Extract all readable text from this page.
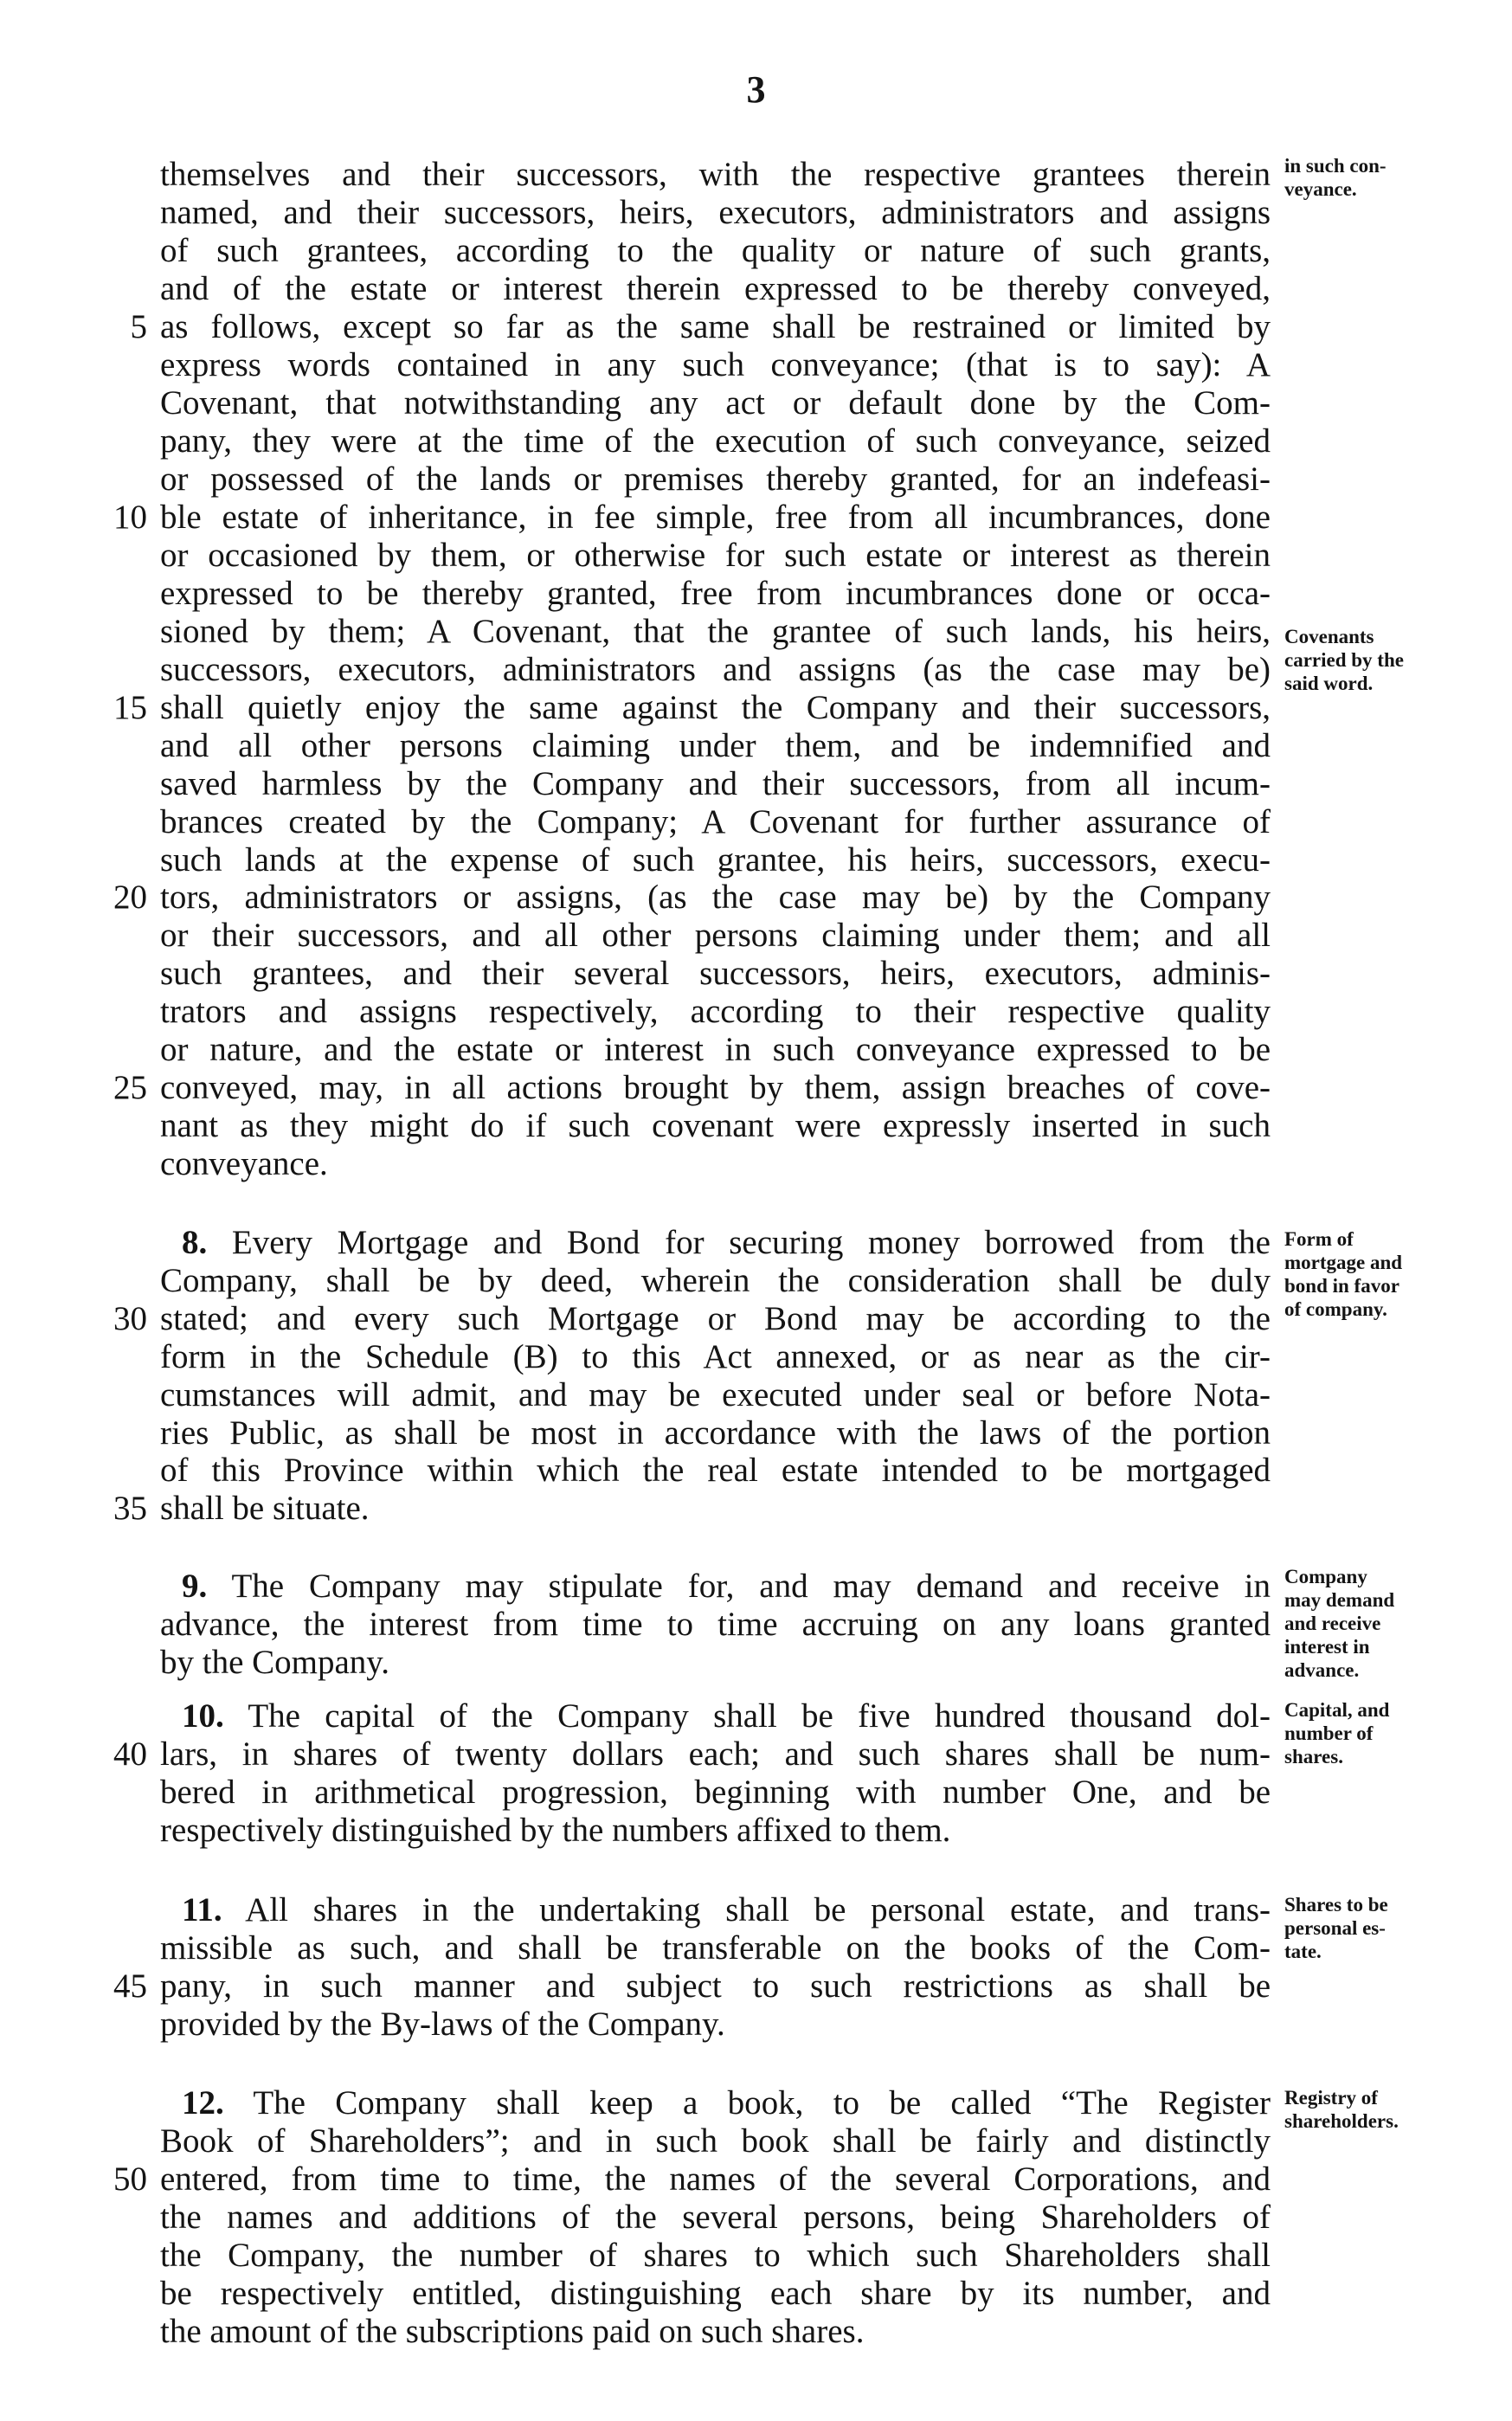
3
5
10
15
20
25
30
35
40
45
50
themselves and their successors, with the respective grantees therein
named, and their successors, heirs, executors, administrators and assigns
of such grantees, according to the quality or nature of such grants,
and of the estate or interest therein expressed to be thereby conveyed,
as follows, except so far as the same shall be restrained or limited by
express words contained in any such conveyance; (that is to say): A
Covenant, that notwithstanding any act or default done by the Com-
pany, they were at the time of the execution of such conveyance, seized
or possessed of the lands or premises thereby granted, for an indefeasi-
ble estate of inheritance, in fee simple, free from all incumbrances, done
or occasioned by them, or otherwise for such estate or interest as therein
expressed to be thereby granted, free from incumbrances done or occa-
sioned by them; A Covenant, that the grantee of such lands, his heirs,
successors, executors, administrators and assigns (as the case may be)
shall quietly enjoy the same against the Company and their successors,
and all other persons claiming under them, and be indemnified and
saved harmless by the Company and their successors, from all incum-
brances created by the Company; A Covenant for further assurance of
such lands at the expense of such grantee, his heirs, successors, execu-
tors, administrators or assigns, (as the case may be) by the Company
or their successors, and all other persons claiming under them; and all
such grantees, and their several successors, heirs, executors, adminis-
trators and assigns respectively, according to their respective quality
or nature, and the estate or interest in such conveyance expressed to be
conveyed, may, in all actions brought by them, assign breaches of cove-
nant as they might do if such covenant were expressly inserted in such
conveyance.
8. Every Mortgage and Bond for securing money borrowed from the
Company, shall be by deed, wherein the consideration shall be duly
stated; and every such Mortgage or Bond may be according to the
form in the Schedule (B) to this Act annexed, or as near as the cir-
cumstances will admit, and may be executed under seal or before Nota-
ries Public, as shall be most in accordance with the laws of the portion
of this Province within which the real estate intended to be mortgaged
shall be situate.
9. The Company may stipulate for, and may demand and receive in
advance, the interest from time to time accruing on any loans granted
by the Company.
10. The capital of the Company shall be five hundred thousand dol-
lars, in shares of twenty dollars each; and such shares shall be num-
bered in arithmetical progression, beginning with number One, and be
respectively distinguished by the numbers affixed to them.
11. All shares in the undertaking shall be personal estate, and trans-
missible as such, and shall be transferable on the books of the Com-
pany, in such manner and subject to such restrictions as shall be
provided by the By-laws of the Company.
12. The Company shall keep a book, to be called “The Register
Book of Shareholders”; and in such book shall be fairly and distinctly
entered, from time to time, the names of the several Corporations, and
the names and additions of the several persons, being Shareholders of
the Company, the number of shares to which such Shareholders shall
be respectively entitled, distinguishing each share by its number, and
the amount of the subscriptions paid on such shares.
in such con-
veyance.
Covenants
carried by the
said word.
Form of
mortgage and
bond in favor
of company.
Company
may demand
and receive
interest in
advance.
Capital, and
number of
shares.
Shares to be
personal es-
tate.
Registry of
shareholders.
